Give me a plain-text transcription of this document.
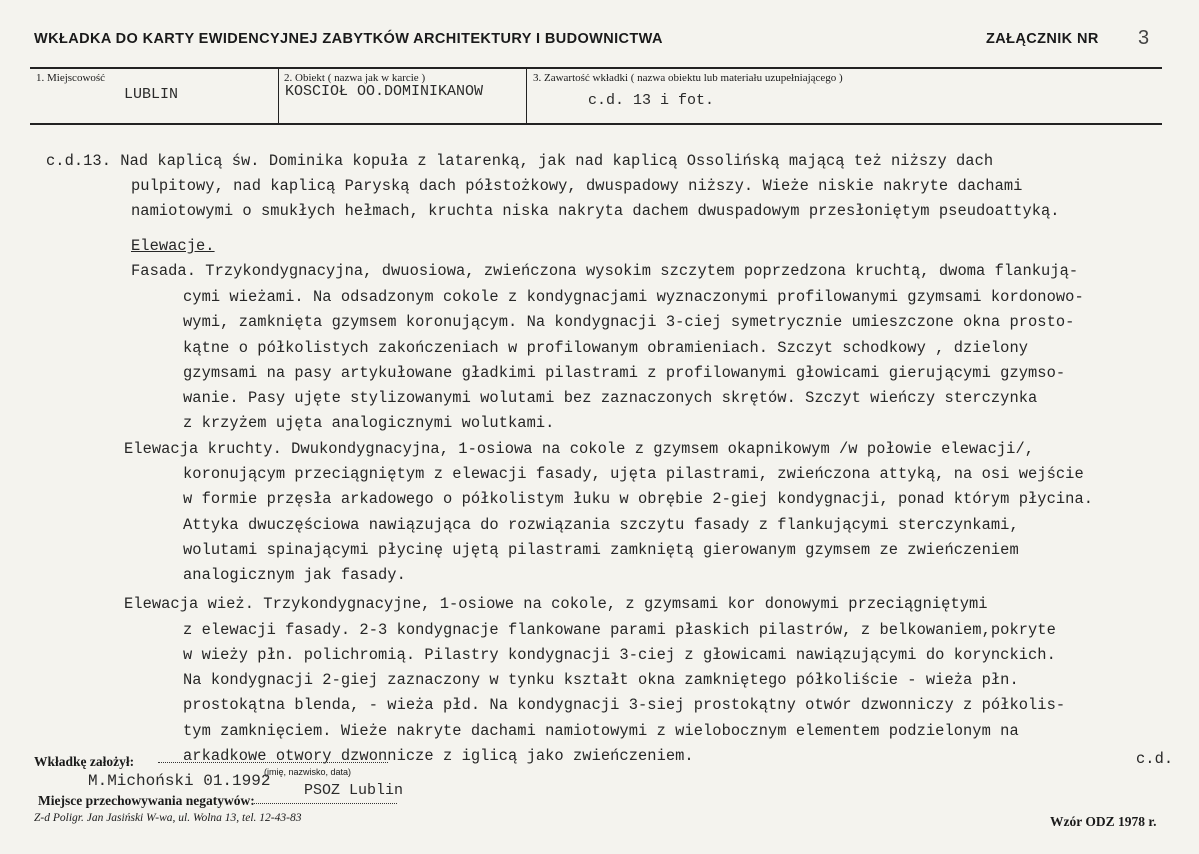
WKŁADKA DO KARTY EWIDENCYJNEJ ZABYTKÓW ARCHITEKTURY I BUDOWNICTWA	ZAŁĄCZNIK NR 3
1. Miejscowość
LUBLIN
2. Obiekt ( nazwa jak w karcie )
KOSCIOŁ OO.DOMINIKANOW
3. Zawartość wkładki ( nazwa obiektu lub materiału uzupełniającego )
c.d. 13 i fot.
c.d.13. Nad kaplicą św. Dominika kopuła z latarenką, jak nad kaplicą Ossolińską mającą też niższy dach
pulpitowy, nad kaplicą Paryską dach półstożkowy, dwuspadowy niższy. Wieże niskie nakryte dachami
namiotowymi o smukłych hełmach, kruchta niska nakryta dachem dwuspadowym przesłoniętym pseudoattyką.
Elewacje.
Fasada. Trzykondygnacyjna, dwuosiowa, zwieńczona wysokim szczytem poprzedzona kruchtą, dwoma flankują-
cymi wieżami. Na odsadzonym cokole z kondygnacjami wyznaczonymi profilowanymi gzymsami kordonowo-
wymi, zamknięta gzymsem koronującym. Na kondygnacji 3-ciej symetrycznie umieszczone okna prosto-
kątne o półkolistych zakończeniach w profilowanym obramieniach. Szczyt schodkowy , dzielony
gzymsami na pasy artykułowane gładkimi pilastrami z profilowanymi głowicami gierującymi gzymso-
wanie. Pasy ujęte stylizowanymi wolutami bez zaznaczonych skrętów. Szczyt wieńczy sterczynka
z krzyżem ujęta analogicznymi wolutkami.
Elewacja kruchty. Dwukondygnacyjna, 1-osiowa na cokole z gzymsem okapnikowym /w połowie elewacji/,
koronującym przeciągniętym z elewacji fasady, ujęta pilastrami, zwieńczona attyką, na osi wejście
w formie przęsła arkadowego o półkolistym łuku w obrębie 2-giej kondygnacji, ponad którym płycina.
Attyka dwuczęściowa nawiązująca do rozwiązania szczytu fasady z flankującymi sterczynkami,
wolutami spinającymi płycinę ujętą pilastrami zamkniętą gierowanym gzymsem ze zwieńczeniem
analogicznym jak fasady.
Elewacja wież. Trzykondygnacyjne, 1-osiowe na cokole, z gzymsami kor donowymi przeciągniętymi
z elewacji fasady. 2-3 kondygnacje flankowane parami płaskich pilastrów, z belkowaniem,pokryte
w wieży płn. polichromią. Pilastry kondygnacji 3-ciej z głowicami nawiązującymi do korynckich.
Na kondygnacji 2-giej zaznaczony w tynku kształt okna zamkniętego półkoliście - wieża płn.
prostokątna blenda, - wieża płd. Na kondygnacji 3-siej prostokątny otwór dzwonniczy z półkolis-
tym zamknięciem. Wieże nakryte dachami namiotowymi z wielobocznym elementem podzielonym na
arkadkowe otwory dzwonnicze z iglicą jako zwieńczeniem.	c.d.
Wkładkę założył:
(imię, nazwisko, data)
M.Michoński 01.1992
Miejsce przechowywania negatywów:
PSOZ Lublin
Z-d Poligr. Jan Jasiński W-wa, ul. Wolna 13, tel. 12-43-83	Wzór ODZ 1978 r.
